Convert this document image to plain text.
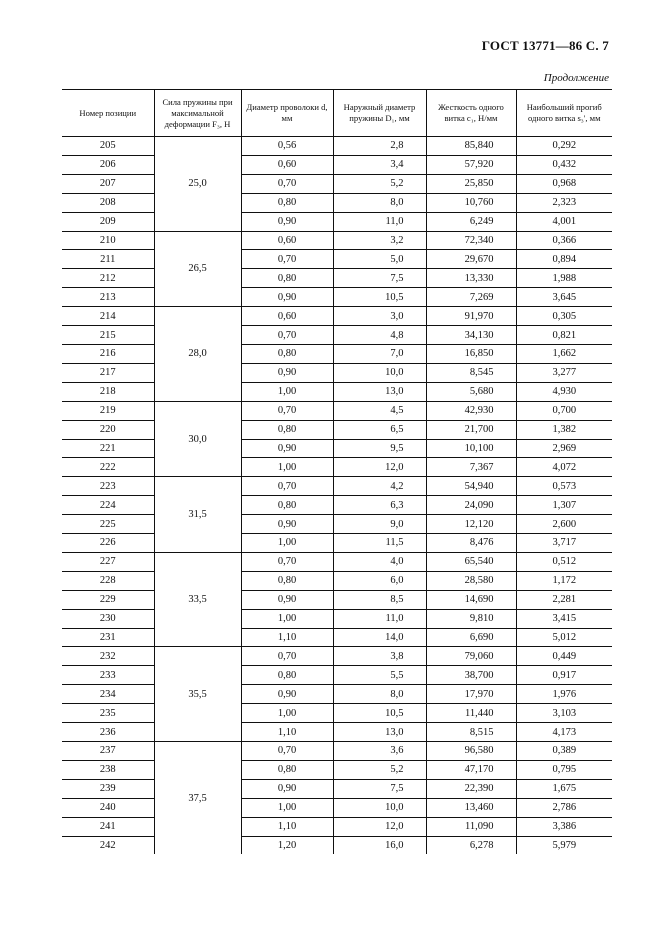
ГОСТ 13771—86 С. 7
Продолжение
Номер позиции	Сила пружины при максимальной деформации F₃, Н	Диаметр проволоки d, мм	Наружный диаметр пружины D₁, мм	Жесткость одного витка c₁, Н/мм	Наибольший прогиб одного витка s₃', мм
205	25,0	0,56	2,8	85,840	0,292
206		0,60	3,4	57,920	0,432
207		0,70	5,2	25,850	0,968
208		0,80	8,0	10,760	2,323
209		0,90	11,0	6,249	4,001
210	26,5	0,60	3,2	72,340	0,366
211		0,70	5,0	29,670	0,894
212		0,80	7,5	13,330	1,988
213		0,90	10,5	7,269	3,645
214	28,0	0,60	3,0	91,970	0,305
215		0,70	4,8	34,130	0,821
216		0,80	7,0	16,850	1,662
217		0,90	10,0	8,545	3,277
218		1,00	13,0	5,680	4,930
219	30,0	0,70	4,5	42,930	0,700
220		0,80	6,5	21,700	1,382
221		0,90	9,5	10,100	2,969
222		1,00	12,0	7,367	4,072
223	31,5	0,70	4,2	54,940	0,573
224		0,80	6,3	24,090	1,307
225		0,90	9,0	12,120	2,600
226		1,00	11,5	8,476	3,717
227	33,5	0,70	4,0	65,540	0,512
228		0,80	6,0	28,580	1,172
229		0,90	8,5	14,690	2,281
230		1,00	11,0	9,810	3,415
231		1,10	14,0	6,690	5,012
232	35,5	0,70	3,8	79,060	0,449
233		0,80	5,5	38,700	0,917
234		0,90	8,0	17,970	1,976
235		1,00	10,5	11,440	3,103
236		1,10	13,0	8,515	4,173
237	37,5	0,70	3,6	96,580	0,389
238		0,80	5,2	47,170	0,795
239		0,90	7,5	22,390	1,675
240		1,00	10,0	13,460	2,786
241		1,10	12,0	11,090	3,386
242		1,20	16,0	6,278	5,979
